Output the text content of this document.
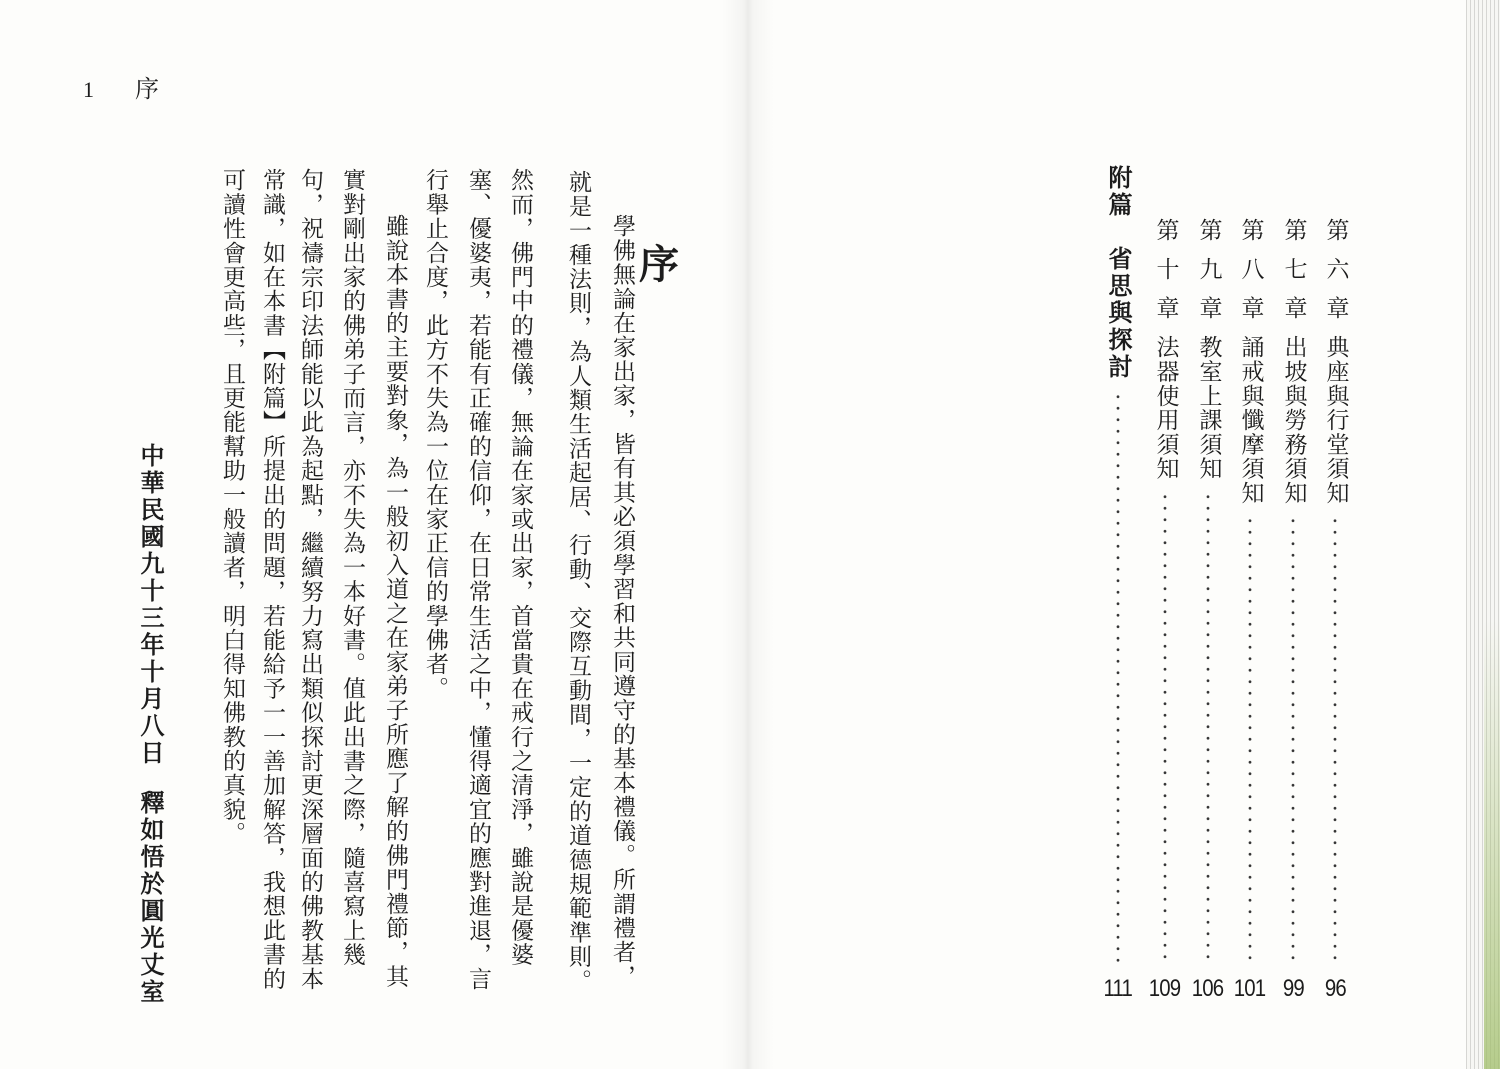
1 序
序
學佛無論在家出家，皆有其必須學習和共同遵守的基本禮儀。所謂禮者，
就是一種法則，為人類生活起居、行動、交際互動間，一定的道德規範準則。
然而，佛門中的禮儀，無論在家或出家，首當貴在戒行之清淨，雖說是優婆
塞、優婆夷，若能有正確的信仰，在日常生活之中，懂得適宜的應對進退，言
行舉止合度，此方不失為一位在家正信的學佛者。
雖說本書的主要對象，為一般初入道之在家弟子所應了解的佛門禮節，其
實對剛出家的佛弟子而言，亦不失為一本好書。值此出書之際，隨喜寫上幾
句，祝禱宗印法師能以此為起點，繼續努力寫出類似探討更深層面的佛教基本
常識，如在本書【附篇】所提出的問題，若能給予一一善加解答，我想此書的
可讀性會更高些，且更能幫助一般讀者，明白得知佛教的真貌。
中華民國九十三年十月八日
釋如悟於圓光丈室
第六章
典座與行堂須知
96
第七章
出坡與勞務須知
99
第八章
誦戒與懺摩須知
101
第九章
教室上課須知
106
第十章
法器使用須知
109
附篇
省思與探討
111
